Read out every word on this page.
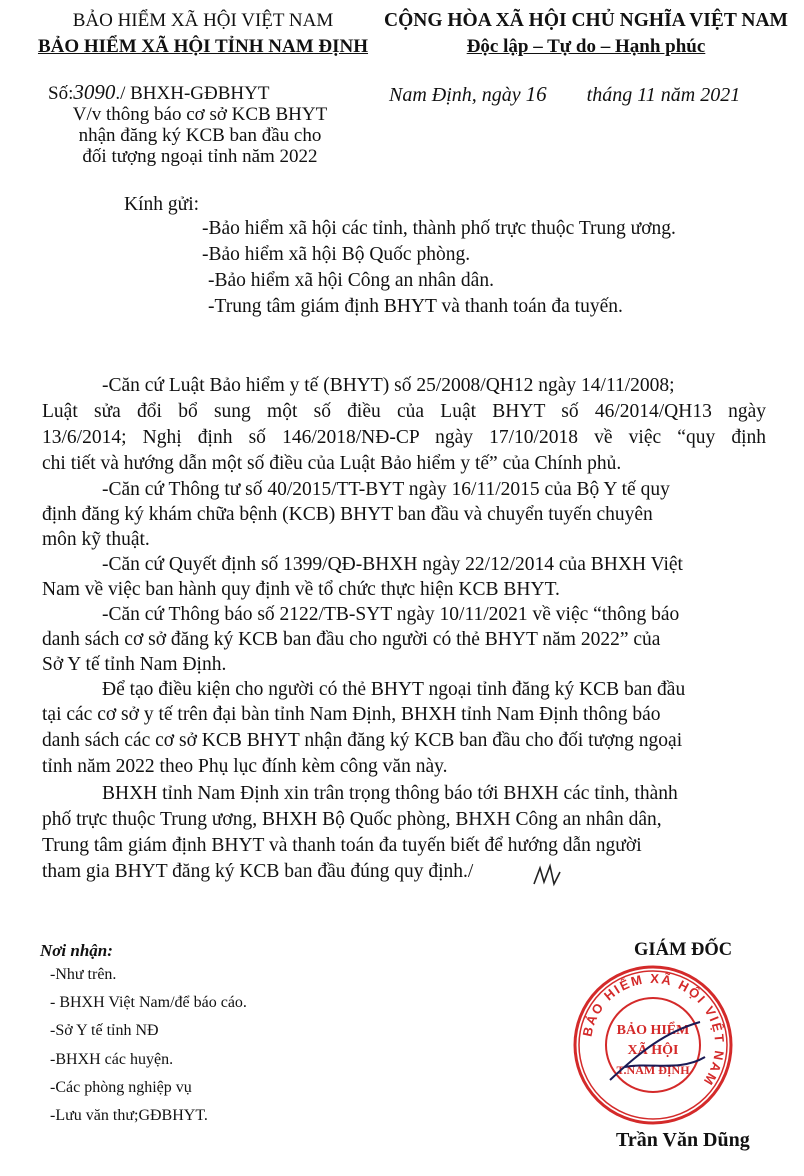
BẢO HIỂM XÃ HỘI VIỆT NAM
BẢO HIỂM XÃ HỘI TỈNH NAM ĐỊNH
CỘNG HÒA XÃ HỘI CHỦ NGHĨA VIỆT NAM
Độc lập – Tự do – Hạnh phúc
Số:3090./ BHXH-GĐBHYT
V/v thông báo cơ sở KCB BHYT
nhận đăng ký KCB ban đầu cho
đối tượng ngoại tỉnh năm 2022
Nam Định, ngày 16 tháng 11 năm 2021
Kính gửi:
-Bảo hiểm xã hội các tỉnh, thành phố trực thuộc Trung ương.
-Bảo hiểm xã hội Bộ Quốc phòng.
-Bảo hiểm xã hội Công an nhân dân.
-Trung tâm giám định BHYT và thanh toán đa tuyến.
-Căn cứ Luật Bảo hiểm y tế (BHYT) số 25/2008/QH12 ngày 14/11/2008;
Luật sửa đổi bổ sung một số điều của Luật BHYT số 46/2014/QH13 ngày
13/6/2014; Nghị định số 146/2018/NĐ-CP ngày 17/10/2018 về việc “quy định
chi tiết và hướng dẫn một số điều của Luật Bảo hiểm y tế” của Chính phủ.
-Căn cứ Thông tư số 40/2015/TT-BYT ngày 16/11/2015 của Bộ Y tế quy
định đăng ký khám chữa bệnh (KCB) BHYT ban đầu và chuyển tuyến chuyên
môn kỹ thuật.
-Căn cứ Quyết định số 1399/QĐ-BHXH ngày 22/12/2014 của BHXH Việt
Nam về việc ban hành quy định về tổ chức thực hiện KCB BHYT.
-Căn cứ Thông báo số 2122/TB-SYT ngày 10/11/2021 về việc “thông báo
danh sách cơ sở đăng ký KCB ban đầu cho người có thẻ BHYT năm 2022” của
Sở Y tế tỉnh Nam Định.
Để tạo điều kiện cho người có thẻ BHYT ngoại tỉnh đăng ký KCB ban đầu
tại các cơ sở y tế trên đại bàn tỉnh Nam Định, BHXH tỉnh Nam Định thông báo
danh sách các cơ sở KCB BHYT nhận đăng ký KCB ban đầu cho đối tượng ngoại
tỉnh năm 2022 theo Phụ lục đính kèm công văn này.
BHXH tỉnh Nam Định xin trân trọng thông báo tới BHXH các tỉnh, thành
phố trực thuộc Trung ương, BHXH Bộ Quốc phòng, BHXH Công an nhân dân,
Trung tâm giám định BHYT và thanh toán đa tuyến biết để hướng dẫn người
tham gia BHYT đăng ký KCB ban đầu đúng quy định./
Nơi nhận:
-Như trên.
- BHXH Việt Nam/để báo cáo.
-Sở Y tế tỉnh NĐ
-BHXH các huyện.
-Các phòng nghiệp vụ
-Lưu văn thư;GĐBHYT.
GIÁM ĐỐC
BẢO HIỂM XÃ HỘI VIỆT NAM
BẢO HIỂM
XÃ HỘI
T.NAM ĐỊNH
Trần Văn Dũng
